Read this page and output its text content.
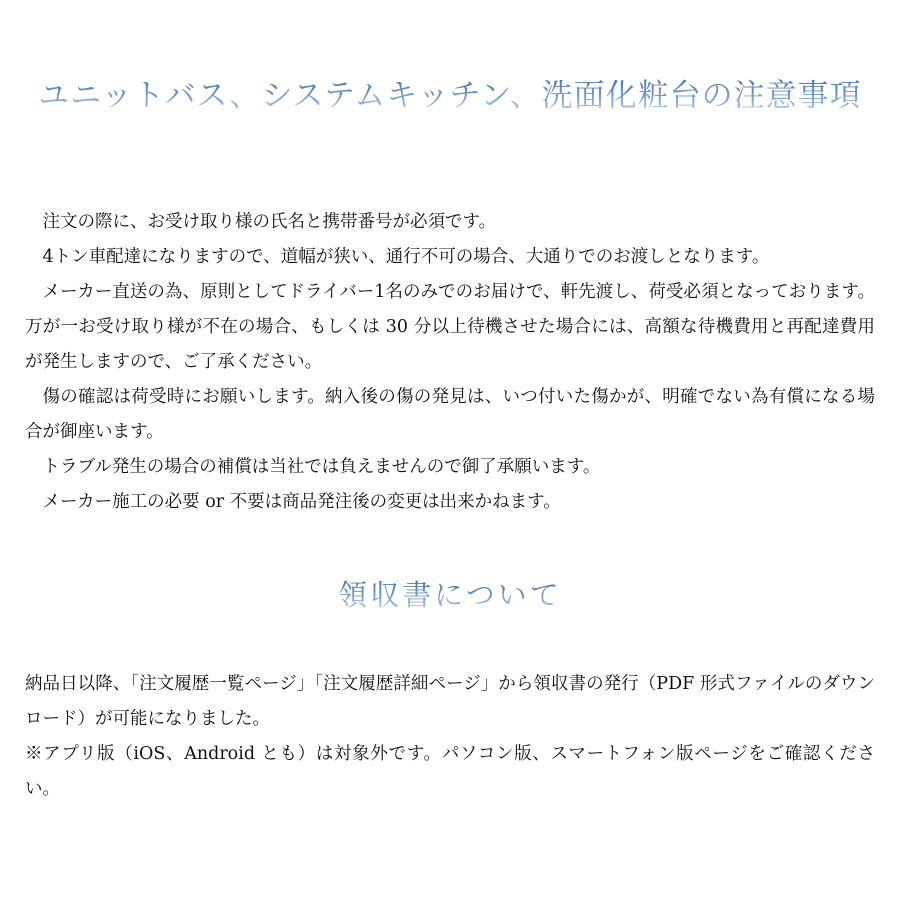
ユニットバス、システムキッチン、洗面化粧台の注意事項

注文の際に、お受け取り様の氏名と携帯番号が必須です。

4トン車配達になりますので、道幅が狭い、通行不可の場合、大通りでのお渡しとなります。

メーカー直送の為、原則としてドライバー1名のみでのお届けで、軒先渡し、荷受必須となっております。万が一お受け取り様が不在の場合、もしくは 30 分以上待機させた場合には、高額な待機費用と再配達費用が発生しますので、ご了承ください。

傷の確認は荷受時にお願いします。納入後の傷の発見は、いつ付いた傷かが、明確でない為有償になる場合が御座います。

トラブル発生の場合の補償は当社では負えませんので御了承願います。

メーカー施工の必要 or 不要は商品発注後の変更は出来かねます。

領収書について

納品日以降、「注文履歴一覧ページ」「注文履歴詳細ページ」から領収書の発行（PDF 形式ファイルのダウンロード）が可能になりました。

※アプリ版（iOS、Android とも）は対象外です。パソコン版、スマートフォン版ページをご確認ください。
